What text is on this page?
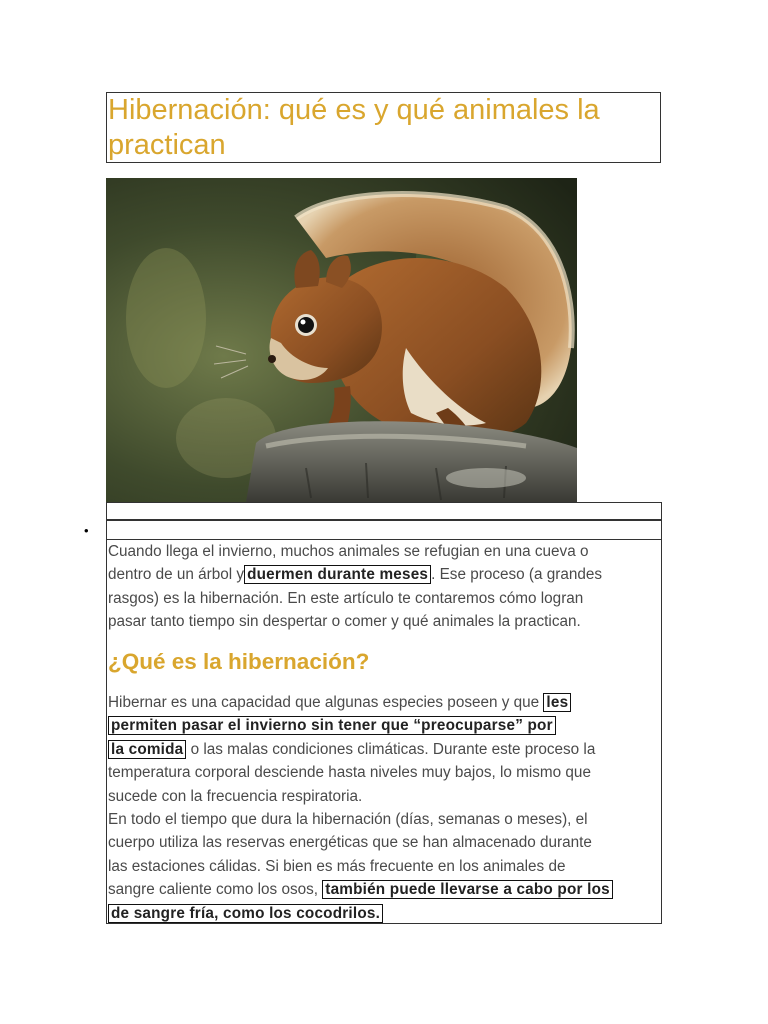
Hibernación: qué es y qué animales la
practican
•

Cuando llega el invierno, muchos animales se refugian en una cueva o
dentro de un árbol y duermen durante meses . Ese proceso (a grandes
rasgos) es la hibernación. En este artículo te contaremos cómo logran
pasar tanto tiempo sin despertar o comer y qué animales la practican.

¿Qué es la hibernación?

Hibernar es una capacidad que algunas especies poseen y que les
permiten pasar el invierno sin tener que “preocuparse” por
la comida o las malas condiciones climáticas. Durante este proceso la
temperatura corporal desciende hasta niveles muy bajos, lo mismo que
sucede con la frecuencia respiratoria.
En todo el tiempo que dura la hibernación (días, semanas o meses), el
cuerpo utiliza las reservas energéticas que se han almacenado durante
las estaciones cálidas. Si bien es más frecuente en los animales de
sangre caliente como los osos, también puede llevarse a cabo por los
de sangre fría, como los cocodrilos.
